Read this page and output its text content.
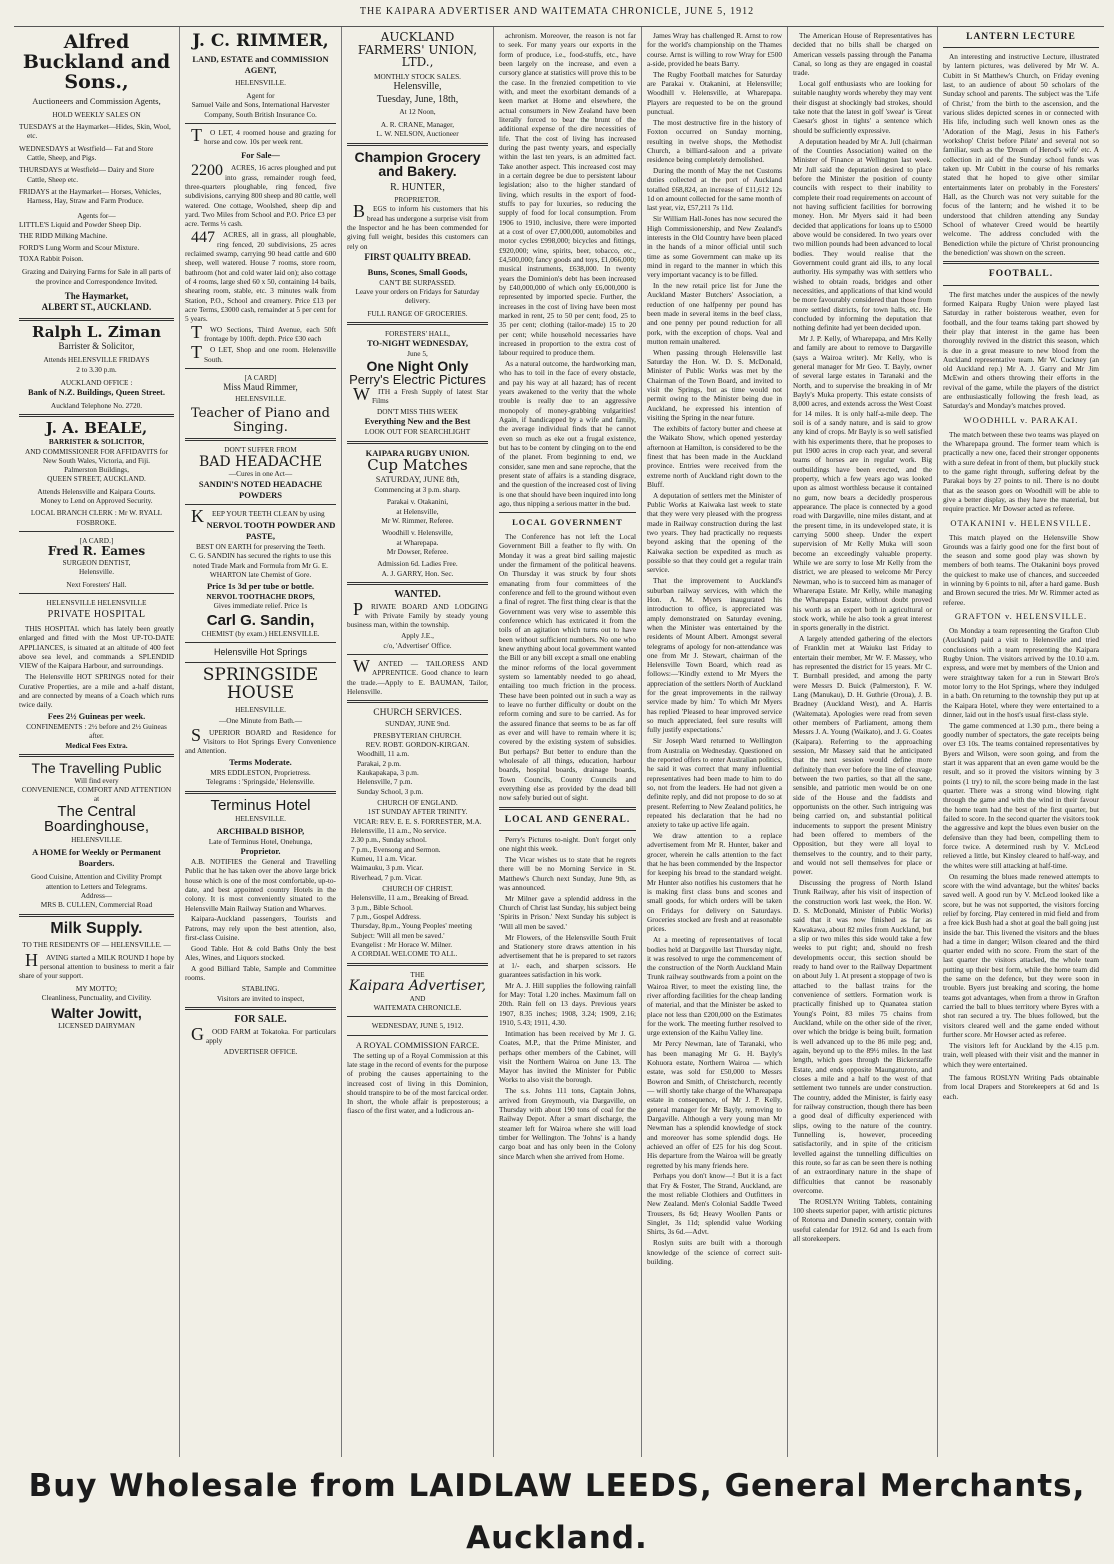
THE KAIPARA ADVERTISER AND WAITEMATA CHRONICLE, JUNE 5, 1912
Alfred Buckland and Sons.,
Auctioneers and Commission Agents,
HOLD WEEKLY SALES ON
TUESDAYS at the Haymarket—Hides, Skin, Wool, etc.
WEDNESDAYS at Westfield— Fat and Store Cattle, Sheep, and Pigs.
THURSDAYS at Westfield— Dairy and Store Cattle, Sheep etc.
FRIDAYS at the Haymarket— Horses, Vehicles, Harness, Hay, Straw and Farm Produce.
Agents for—
LITTLE'S Liquid and Powder Sheep Dip.
THE RIDD Milking Machine.
FORD'S Lung Worm and Scour Mixture.
TOXA Rabbit Poison.
Grazing and Dairying Farms for Sale in all parts of the province and Correspondence Invited.
The Haymarket,
ALBERT ST., AUCKLAND.
Ralph L. Ziman
Barrister & Solicitor,
Attends HELENSVILLE FRIDAYS
2 to 3.30 p.m.
AUCKLAND OFFICE :
Bank of N.Z. Buildings, Queen Street.
Auckland Telephone No. 2720.
J. A. BEALE,
BARRISTER & SOLICITOR,
AND COMMISSIONER FOR AFFIDAVITS for New South Wales, Victoria, and Fiji.
Palmerston Buildings,
QUEEN STREET, AUCKLAND.
Attends Helensville and Kaipara Courts.
Money to Lend on Approved Security.
LOCAL BRANCH CLERK : Mr W. RYALL FOSBROKE.
[A CARD.]
Fred R. Eames
SURGEON DENTIST,
Helensville.
Next Foresters' Hall.
HELENSVILLE HELENSVILLE
PRIVATE HOSPITAL

THIS HOSPITAL which has lately been greatly enlarged and fitted with the Most UP-TO-DATE APPLIANCES, is situated at an altitude of 400 feet above sea level, and commands a SPLENDID VIEW of the Kaipara Harbour, and surroundings.

The Helensville HOT SPRINGS noted for their Curative Properties, are a mile and a-half distant, and are connected by means of a Coach which runs twice daily.

Fees 2½ Guineas per week.
CONFINEMENTS : 2½ before and 2½ Guineas after.
Medical Fees Extra.
The Travelling Public
Will find every
CONVENIENCE, COMFORT AND ATTENTION at
The Central Boardinghouse,
HELENSVILLE.
A HOME for Weekly or Permanent Boarders.
Good Cuisine, Attention and Civility Prompt attention to Letters and Telegrams.
Address—
MRS B. CULLEN, Commercial Road
Milk Supply.
TO THE RESIDENTS OF — HELENSVILLE. —

HAVING started a MILK ROUND I hope by personal attention to business to merit a fair share of your support.

MY MOTTO;
Cleanliness, Punctuality, and Civility.
Walter Jowitt,
LICENSED DAIRYMAN
J. C. RIMMER,
LAND, ESTATE and COMMISSION AGENT,
HELENSVILLE.
Agent for
Samuel Vaile and Sons, International Harvester Company, South British Insurance Co.

TO LET, 4 roomed house and grazing for horse and cow. 10s per week rent.

For Sale—

2200 ACRES, 16 acres ploughed and put into grass, remainder rough feed, three-quarters ploughable, ring fenced, five subdivisions, carrying 800 sheep and 80 cattle, well watered. One cottage, Woolshed, sheep dip and yard. Two Miles from School and P.O. Price £3 per acre. Terms ⅓ cash.

447 ACRES, all in grass, all ploughable, ring fenced, 20 subdivisions, 25 acres reclaimed swamp, carrying 90 head cattle and 600 sheep, well watered. House 7 rooms, store room, bathroom (hot and cold water laid on); also cottage of 4 rooms, large shed 60 x 50, containing 14 bails, shearing room, stable, etc. 3 minutes walk from Station, P.O., School and creamery. Price £13 per acre Terms, £3000 cash, remainder at 5 per cent for 5 years.

TWO Sections, Third Avenue, each 50ft frontage by 100ft. depth. Price £30 each

TO LET, Shop and one room. Helensville South.

[A CARD]
Miss Maud Rimmer,
HELENSVILLE.
Teacher of Piano and Singing.
DON'T SUFFER FROM
BAD HEADACHE
—Cures in one Act—
SANDIN'S NOTED HEADACHE POWDERS

KEEP YOUR TEETH CLEAN by using

NERVOL TOOTH POWDER AND PASTE,
BEST ON EARTH for preserving the Teeth.
C. G. SANDIN has secured the rights to use this noted Trade Mark and Formula from Mr G. E. WHARTON late Chemist of Gore.
Price 1s 3d per tube or bottle.
NERVOL TOOTHACHE DROPS,
Gives immediate relief. Price 1s
Carl G. Sandin,
CHEMIST (by exam.) HELENSVILLE.
Helensville Hot Springs
SPRINGSIDE HOUSE
HELENSVILLE.
—One Minute from Bath.—

SUPERIOR BOARD and Residence for Visitors to Hot Springs Every Convenience and Attention.

Terms Moderate.
MRS EDDLESTON, Proprietress.
Telegrams : 'Springside,' Helensville.
Terminus Hotel
HELENSVILLE.
ARCHIBALD BISHOP,
Late of Terminus Hotel, Onehunga,
Proprietor.

A.B. NOTIFIES the General and Travelling Public that he has taken over the above large brick house which is one of the most comfortable, up-to-date, and best appointed country Hotels in the colony. It is most conveniently situated to the Helensville Main Railway Station and Wharves.

Kaipara-Auckland passengers, Tourists and Patrons, may rely upon the best attention, also, first-class Cuisine.

Good Table. Hot & cold Baths Only the best Ales, Wines, and Liquors stocked.

A good Billiard Table, Sample and Committee rooms.

STABLING.
Visitors are invited to inspect,
FOR SALE.

GOOD FARM at Tokatoka. For particulars apply

ADVERTISER OFFICE.
AUCKLAND FARMERS' UNION, LTD.,
MONTHLY STOCK SALES.
Helensville,
Tuesday, June, 18th,
At 12 Noon,
A. R. CRANE, Manager,
L. W. NELSON, Auctioneer
Champion Grocery and Bakery.
R. HUNTER,
PROPRIETOR.

BEGS to inform his customers that his bread has undergone a surprise visit from the Inspector and he has been commended for giving full weight, besides this customers can rely on

FIRST QUALITY BREAD.
Buns, Scones, Small Goods,
CAN'T BE SURPASSED.
Leave your orders on Fridays for Saturday delivery.
FULL RANGE OF GROCERIES.
FORESTERS' HALL,
TO-NIGHT WEDNESDAY,
June 5,
One Night Only
Perry's Electric Pictures

WITH a Fresh Supply of latest Star Films

DON'T MISS THIS WEEK
Everything New and the Best
LOOK OUT FOR SEARCHLIGHT
KAIPARA RUGBY UNION.
Cup Matches
SATURDAY, JUNE 8th,
Commencing at 3 p.m. sharp.
Parakai v. Otakanini,
at Helensville,
Mr W. Rimmer, Referee.
Woodhill v. Helensville,
at Wharepapa.
Mr Dowser, Referee.
Admission 6d. Ladies Free.
A. J. GARRY, Hon. Sec.
WANTED.

PRIVATE BOARD AND LODGING with Private Family by steady young business man, within the township.

Apply J.E.,
c/o, 'Advertiser' Office.

WANTED — TAILORESS AND APPRENTICE. Good chance to learn the trade.—Apply to E. BAUMAN, Tailor, Helensville.

CHURCH SERVICES.
SUNDAY, JUNE 9nd.
PRESBYTERIAN CHURCH.
REV. ROBT. GORDON-KIRGAN.
Woodhill, 11 a.m.
Parakai, 2 p.m.
Kaukapakapa, 3 p.m.
Helensville, 7 p.m.
Sunday School, 3 p.m.
CHURCH OF ENGLAND.
1ST SUNDAY AFTER TRINITY.
VICAR: REV. E. E. S. FORRESTER, M.A.
Helensville, 11 a.m., No service.
2.30 p.m., Sunday school.
7 p.m., Evensong and Sermon.
Kumeu, 11 a.m. Vicar.
Waimauku, 3 p.m. Vicar.
Riverhead, 7 p.m. Vicar.
CHURCH OF CHRIST.
Helensville, 11 a.m., Breaking of Bread.
3 p.m., Bible School.
7 p.m., Gospel Address.
Thursday, 8p.m., Young Peoples' meeting Subject: 'Will all men be saved.'
Evangelist : Mr Horace W. Milner.
A CORDIAL WELCOME TO ALL.
THE
Kaipara Advertiser,
AND
WAITEMATA CHRONICLE.
WEDNESDAY, JUNE 5, 1912.
A ROYAL COMMISSION FARCE.

The setting up of a Royal Commission at this late stage in the record of events for the purpose of probing the causes appertaining to the increased cost of living in this Dominion, should transpire to be of the most farcical order. In short, the whole affair is preposterous; a fiasco of the first water, and a ludicrous an-

achronism. Moreover, the reason is not far to seek. For many years our exports in the form of produce, i.e., food-stuffs, etc., have been largely on the increase, and even a cursory glance at statistics will prove this to be the case. In the frenzied competition to vie with, and meet the exorbitant demands of a keen market at Home and elsewhere, the actual consumers in New Zealand have been literally forced to bear the brunt of the additional expense of the dire necessities of life. That the cost of living has increased during the past twenty years, and especially within the last ten years, is an admitted fact. Take another aspect. This increased cost may in a certain degree be due to persistent labour legislation; also to the higher standard of living, which results in the export of food-stuffs to pay for luxuries, so reducing the supply of food for local consumption. From 1906 to 1910, inclusive, there were imported at a cost of over £7,000,000, automobiles and motor cycles £998,000; bicycles and fittings, £920,000; wine, spirits, beer, tobacco, etc., £4,500,000; fancy goods and toys, £1,066,000; musical instruments, £638,000. In twenty years the Dominion's debt has been increased by £40,000,000 of which only £6,000,000 is represented by imported specie. Further, the increases in the cost of living have been most marked in rent, 25 to 50 per cent; food, 25 to 35 per cent; clothing (tailor-made) 15 to 20 per cent; while household necessaries have increased in proportion to the extra cost of labour required to produce them.

As a natural outcome, the hardworking man, who has to toil in the face of every obstacle, and pay his way at all hazard; has of recent years awakened to the verity that the whole trouble is really due to an aggressive monopoly of money-grabbing vulgarities! Again, if handicapped by a wife and family, the average individual finds that he cannot even so much as eke out a frugal existence, but has to be content by clinging on to the end of the planet. From beginning to end, we consider, sane men and sane reproche, that the present state of affairs is a standing disgrace, and the question of the increased cost of living is one that should have been inquired into long ago, thus nipping a serious matter in the bud.

LOCAL GOVERNMENT

The Conference has not left the Local Government Bill a feather to fly with. On Monday it was a great bird sailing majestic under the firmament of the political heavens. On Thursday it was struck by four shots emanating from four committees of the conference and fell to the ground without even a final of regret. The first thing clear is that the Government was very wise to assemble this conference which has extricated it from the toils of an agitation which turns out to have been without sufficient numbers. No one who knew anything about local government wanted the Bill or any bill except a small one enabling the minor reforms of the local government system so lamentably needed to go ahead, entailing too much friction in the process. These have been pointed out in such a way as to leave no further difficulty or doubt on the reform coming and sure to be carried. As for the assured finance that seems to be as far off as ever and will have to remain where it is; covered by the existing system of subsidies. But perhaps? But better to endure than the wholesale of all things, education, harbour boards, hospital boards, drainage boards, Town Councils, County Councils and everything else as provided by the dead bill now safely buried out of sight.

LOCAL AND GENERAL.

Perry's Pictures to-night. Don't forget only one night this week.

The Vicar wishes us to state that he regrets there will be no Morning Service in St. Matthew's Church next Sunday, June 9th, as was announced.

Mr Milner gave a splendid address in the Church of Christ last Sunday, his subject being 'Spirits in Prison.' Next Sunday his subject is 'Will all men be saved.'

Mr Flowers, of the Helensville South Fruit and Stationery store draws attention in his advertisement that he is prepared to set razors at 1/- each, and sharpen scissors. He guarantees satisfaction in his work.

Mr A. J. Hill supplies the following rainfall for May: Total 1.20 inches. Maximum fall on 20th. Rain fell on 13 days. Previous years 1907, 8.35 inches; 1908, 3.24; 1909, 2.16; 1910, 5.43; 1911, 4.30.

Intimation has been received by Mr J. G. Coates, M.P., that the Prime Minister, and perhaps other members of the Cabinet, will visit the Northern Wairoa on June 13. The Mayor has invited the Minister for Public Works to also visit the borough.

The s.s. Johns 111 tons, Captain Johns, arrived from Greymouth, via Dargaville, on Thursday with about 190 tons of coal for the Railway Depot. After a smart discharge, the steamer left for Wairoa where she will load timber for Wellington. The 'Johns' is a handy cargo boat and has only been in the Colony since March when she arrived from Home.

James Wray has challenged R. Arnst to row for the world's championship on the Thames course. Arnst is willing to row Wray for £500 a-side, provided he beats Barry.

The Rugby Football matches for Saturday are Parakai v. Otakanini, at Helensville; Woodhill v. Helensville, at Wharepapa. Players are requested to be on the ground punctual.

The most destructive fire in the history of Foxton occurred on Sunday morning, resulting in twelve shops, the Methodist Church, a billiard-saloon and a private residence being completely demolished.

During the month of May the net Customs duties collected at the port of Auckland totalled £68,824, an increase of £11,612 12s 1d on amount collected for the same month of last year, viz, £57,211 7s 11d.

Sir William Hall-Jones has now secured the High Commissionership, and New Zealand's interests in the Old Country have been placed in the hands of a minor official until such time as some Government can make up its mind in regard to the manner in which this very important vacancy is to be filled.

In the new retail price list for June the Auckland Master Butchers' Association, a reduction of one halfpenny per pound has been made in several items in the beef class, and one penny per pound reduction for all pork, with the exception of chops. Veal and mutton remain unaltered.

When passing through Helensville last Saturday the Hon. W. D. S. McDonald, Minister of Public Works was met by the Chairman of the Town Board, and invited to visit the Springs, but as time would not permit owing to the Minister being due in Auckland, he expressed his intention of visiting the Spring in the near future.

The exhibits of factory butter and cheese at the Waikato Show, which opened yesterday afternoon at Hamilton, is considered to be the finest that has been made in the Auckland province. Entries were received from the extreme north of Auckland right down to the Bluff.

A deputation of settlers met the Minister of Public Works at Kaiwaka last week to state that they were very pleased with the progress made in Railway construction during the last two years. They had practically no requests beyond asking that the opening of the Kaiwaka section be expedited as much as possible so that they could get a regular train service.

That the improvement to Auckland's suburban railway services, with which the Hon. A. M. Myers inaugurated his introduction to office, is appreciated was amply demonstrated on Saturday evening, when the Minister was entertained by the residents of Mount Albert. Amongst several telegrams of apology for non-attendance was one from Mr J. Stewart, chairman of the Helensville Town Board, which read as follows:—'Kindly extend to Mr Myers the appreciation of the settlers North of Auckland for the great improvements in the railway service made by him.' To which Mr Myers has replied 'Pleased to hear improved service so much appreciated, feel sure results will fully justify expectations.'

Sir Joseph Ward returned to Wellington from Australia on Wednesday. Questioned on the reported offers to enter Australian politics, he said it was correct that many influential representatives had been made to him to do so, not from the leaders. He had not given a definite reply, and did not propose to do so at present. Referring to New Zealand politics, he repeated his declaration that he had no anxiety to take up active life again.

We draw attention to a replace advertisement from Mr R. Hunter, baker and grocer, wherein he calls attention to the fact that he has been commended by the Inspector for keeping his bread to the standard weight. Mr Hunter also notifies his customers that he is making first class buns and scones and small goods, for which orders will be taken on Fridays for delivery on Saturdays. Groceries stocked are fresh and at reasonable prices.

At a meeting of representatives of local bodies held at Dargaville last Thursday night, it was resolved to urge the commencement of the construction of the North Auckland Main Trunk railway southwards from a point on the Wairoa River, to meet the existing line, the river affording facilities for the cheap landing of material, and that the Minister be asked to place not less than £200,000 on the Estimates for the work. The meeting further resolved to urge extension of the Kaihu Valley line.

Mr Percy Newman, late of Taranaki, who has been managing Mr G. H. Bayly's Kohuora estate, Northern Wairoa — which estate, was sold for £50,000 to Messrs Bowron and Smith, of Christchurch, recently — will shortly take charge of the Whareapapa estate in consequence, of Mr J. P. Kelly, general manager for Mr Bayly, removing to Dargaville. Although a very young man Mr Newman has a splendid knowledge of stock and moreover has some splendid dogs. He achieved an offer of £25 for his dog Scout. His departure from the Wairoa will be greatly regretted by his many friends here.

Perhaps you don't know—! But it is a fact that Fry & Foster, The Strand, Auckland, are the most reliable Clothiers and Outfitters in New Zealand. Men's Colonial Saddle Tweed Trousers, 8s 6d; Heavy Woollen Pants or Singlet, 3s 11d; splendid value Working Shirts, 3s 6d.—Advt.

Roslyn suits are built with a thorough knowledge of the science of correct suit-building.

The American House of Representatives has decided that no bills shall be charged on American vessels passing through the Panama Canal, so long as they are engaged in coastal trade.

Local golf enthusiasts who are looking for suitable naughty words whereby they may vent their disgust at shockingly bad strokes, should take note that the latest in golf 'swear' is 'Great Caesar's ghost in tights' a sentence which should be sufficiently expressive.

A deputation headed by Mr A. Jull (chairman of the Counties Association) waited on the Minister of Finance at Wellington last week. Mr Jull said the deputation desired to place before the Minister the position of county councils with respect to their inability to complete their road requirements on account of not having sufficient facilities for borrowing money. Hon. Mr Myers said it had been decided that applications for loans up to £5000 above would be considered. In two years over two million pounds had been advanced to local bodies. They would realise that the Government could grant aid ills, to any local authority. His sympathy was with settlers who wished to obtain roads, bridges and other necessities, and applications of that kind would be more favourably considered than those from more settled districts, for town halls, etc. He concluded by informing the deputation that nothing definite had yet been decided upon.

Mr J. P. Kelly, of Wharepapa, and Mrs Kelly and family are about to remove to Dargaville (says a Wairoa writer). Mr Kelly, who is general manager for Mr Geo. T. Bayly, owner of several large estates in Taranaki and the North, and to supervise the breaking in of Mr Bayly's Muka property. This estate consists of 8,000 acres, and extends across the West Coast for 14 miles. It is only half-a-mile deep. The soil is of a sandy nature, and is said to grow any kind of crops. Mr Bayly is so well satisfied with his experiments there, that he proposes to put 1900 acres in crop each year, and several teams of horses are in regular work. Big outbuildings have been erected, and the property, which a few years ago was looked upon as almost worthless because it contained no gum, now bears a decidedly prosperous appearance. The place is connected by a good road with Dargaville, nine miles distant, and at the present time, in its undeveloped state, it is carrying 5000 sheep. Under the expert supervision of Mr Kelly Muka will soon become an exceedingly valuable property. While we are sorry to lose Mr Kelly from the district, we are pleased to welcome Mr Percy Newman, who is to succeed him as manager of Wharerapa Estate. Mr Kelly, while managing the Wharepapa Estate, without doubt proved his worth as an expert both in agricultural or stock work, while he also took a great interest in sports generally in the district.

A largely attended gathering of the electors of Franklin met at Waiuku last Friday to entertain their member, Mr W. F. Massey, who has represented the district for 15 years. Mr C. T. Burnball presided, and among the party were Messrs D. Buick (Palmerston), F. W. Lang (Manukau), D. H. Guthrie (Oroua), J. B. Bradney (Auckland West), and A. Harris (Waitemata). Apologies were read from seven other members of Parliament, among them Messrs J. A. Young (Waikato), and J. G. Coates (Kaipara). Referring to the approaching session, Mr Massey said that he anticipated that the next session would define more definitely than ever before the line of cleavage between the two parties, so that all the sane, sensible, and patriotic men would be on one side of the House and the faddists and opportunists on the other. Such intriguing was being carried on, and substantial political inducements to support the present Ministry had been offered to members of the Opposition, but they were all loyal to themselves to the country, and to their party, and would not sell themselves for place or power.

Discussing the progress of North Island Trunk Railway, after his visit of inspection of the construction work last week, the Hon. W. D. S. McDonald, Minister of Public Works) said that it was now finished as far as Kawakawa, about 82 miles from Auckland, but a slip or two miles this side would take a few weeks to put right; and, should no fresh developments occur, this section should be ready to hand over to the Railway Department on about July 1. At present a stoppage of two is attached to the ballast trains for the convenience of settlers. Formation work is practically finished up to Quanatea station Young's Point, 83 miles 75 chains from Auckland, while on the other side of the river, over which the bridge is being built, formation is well advanced up to the 86 mile peg; and, again, beyond up to the 89½ miles. In the last length, which goes through the Bickerstaffe Estate, and ends opposite Maungaturoto, and closes a mile and a half to the west of that settlement two tunnels are under construction. The country, added the Minister, is fairly easy for railway construction, though there has been a good deal of difficulty experienced with slips, owing to the nature of the country. Tunnelling is, however, proceeding satisfactorily, and in spite of the criticism levelled against the tunnelling difficulties on this route, so far as can be seen there is nothing of an extraordinary nature in the shape of difficulties that cannot be reasonably overcome.

The ROSLYN Writing Tablets, containing 100 sheets superior paper, with artistic pictures of Rotorua and Dunedin scenery, contain with useful calendar for 1912. 6d and 1s each from all storekeepers.

LANTERN LECTURE

An interesting and instructive Lecture, illustrated by lantern pictures, was delivered by Mr W. A. Cubitt in St Matthew's Church, on Friday evening last, to an audience of about 50 scholars of the Sunday school and parents. The subject was the 'Life of Christ,' from the birth to the ascension, and the various slides depicted scenes in or connected with His life, including such well known ones as the 'Adoration of the Magi, Jesus in his Father's workshop' Christ before Pilate' and several not so familiar, such as the 'Dream of Herod's wife' etc. A collection in aid of the Sunday school funds was taken up. Mr Cubitt in the course of his remarks stated that he hoped to give other similar entertainments later on probably in the Foresters' Hall, as the Church was not very suitable for the focus of the lantern; and he wished it to be understood that children attending any Sunday School of whatever Creed would be heartily welcome. The address concluded with the Benediction while the picture of 'Christ pronouncing the benediction' was shown on the screen.

FOOTBALL.

The first matches under the auspices of the newly formed Kaipara Rugby Union were played last Saturday in rather boisterous weather, even for football, and the four teams taking part showed by their play that interest in the game has been thoroughly revived in the district this season, which is due in a great measure to new blood from the Auckland representative team. Mr W. Cuckney (an old Auckland rep.) Mr A. J. Garry and Mr Jim McEwin and others throwing their efforts in the revival of the game, while the players of the district are enthusiastically following the fresh lead, as Saturday's and Monday's matches proved.

WOODHILL v. PARAKAI.

The match between these two teams was played on the Wharepapa ground. The former team which is practically a new one, faced their stronger opponents with a sure defeat in front of them, but pluckily stuck to the game right through, suffering defeat by the Parakai boys by 27 points to nil. There is no doubt that as the season goes on Woodhill will be able to give a better display, as they have the material, but require practice. Mr Dowser acted as referee.

OTAKANINI v. HELENSVILLE.

This match played on the Helensville Show Grounds was a fairly good one for the first bout of the season and some good play was shown by members of both teams. The Otakanini boys proved the quickest to make use of chances, and succeeded in winning by 6 points to nil, after a hard game. Bush and Brown secured the tries. Mr W. Rimmer acted as referee.

GRAFTON v. HELENSVILLE.

On Monday a team representing the Grafton Club (Auckland) paid a visit to Helensville and tried conclusions with a team representing the Kaipara Rugby Union. The visitors arrived by the 10.10 a.m. express, and were met by members of the Union and were straightway taken for a run in Stewart Bro's motor lorry to the Hot Springs, where they indulged in a bath. On returning to the township they put up at the Kaipara Hotel, where they were entertained to a dinner, laid out in the host's usual first-class style.

The game commenced at 1.30 p.m., there being a goodly number of spectators, the gate receipts being over £3 10s. The teams contained representatives by Byers and Wilson, were soon going, and from the start it was apparent that an even game would be the result, and so it proved the visitors winning by 3 points (1 try) to nil, the score being made in the last quarter. There was a strong wind blowing right through the game and with the wind in their favour the home team had the best of the first quarter, but failed to score. In the second quarter the visitors took the aggressive and kept the blues even busier on the defensive than they had been, compelling them to force twice. A determined rush by V. McLeod relieved a little, but Kinsley cleared to half-way, and the whites were still attacking at half-time.

On resuming the blues made renewed attempts to score with the wind advantage, but the whites' backs saved well. A good run by V. McLeod looked like a score, but he was not supported, the visitors forcing relief by forcing. Play centered in mid field and from a free kick Bush had a shot at goal the ball going just inside the bar. This livened the visitors and the blues had a time in danger; Wilson cleared and the third quarter ended with no score. From the start of the last quarter the visitors attacked, the whole team putting up their best form, while the home team did the same on the defence, but they were soon in trouble. Byers just breaking and scoring, the home teams got advantages, when from a throw in Grafton carried the ball to blues territory where Byres with a shot ran secured a try. The blues followed, but the visitors cleared well and the game ended without further score. Mr Howser acted as referee.

The visitors left for Auckland by the 4.15 p.m. train, well pleased with their visit and the manner in which they were entertained.

The famous ROSLYN Writing Pads obtainable from local Drapers and Storekeepers at 6d and 1s each.

Buy Wholesale from LAIDLAW LEEDS, General Merchants, Auckland.
